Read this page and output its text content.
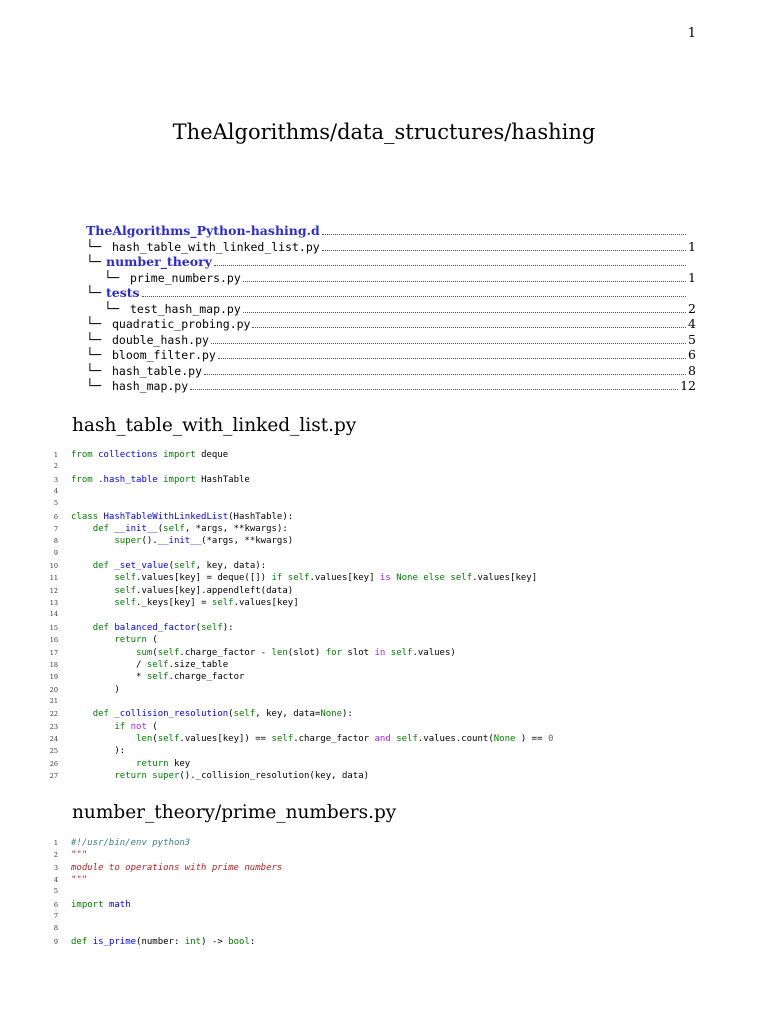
1
TheAlgorithms/data_structures/hashing
TheAlgorithms_Python-hashing.d
└─ hash_table_with_linked_list.py	1
└─ number_theory
└─ prime_numbers.py	1
└─ tests
└─ test_hash_map.py	2
└─ quadratic_probing.py	4
└─ double_hash.py	5
└─ bloom_filter.py	6
└─ hash_table.py	8
└─ hash_map.py	12
hash_table_with_linked_list.py
1	from collections import deque
2
3	from .hash_table import HashTable
4
5
6	class HashTableWithLinkedList(HashTable):
7	def __init__(self, *args, **kwargs):
8	super().__init__(*args, **kwargs)
9
10	def _set_value(self, key, data):
11	self.values[key] = deque([]) if self.values[key] is None else self.values[key]
12	self.values[key].appendleft(data)
13	self._keys[key] = self.values[key]
14
15	def balanced_factor(self):
16	return (
17	sum(self.charge_factor - len(slot) for slot in self.values)
18	/ self.size_table
19	* self.charge_factor
20	)
21
22	def _collision_resolution(self, key, data=None):
23	if not (
24	len(self.values[key]) == self.charge_factor and self.values.count(None ) == 0
25	):
26	return key
27	return super()._collision_resolution(key, data)
number_theory/prime_numbers.py
1	#!/usr/bin/env python3
2	"""
3	module to operations with prime numbers
4	"""
5
6	import math
7
8
9	def is_prime(number: int) -> bool:
